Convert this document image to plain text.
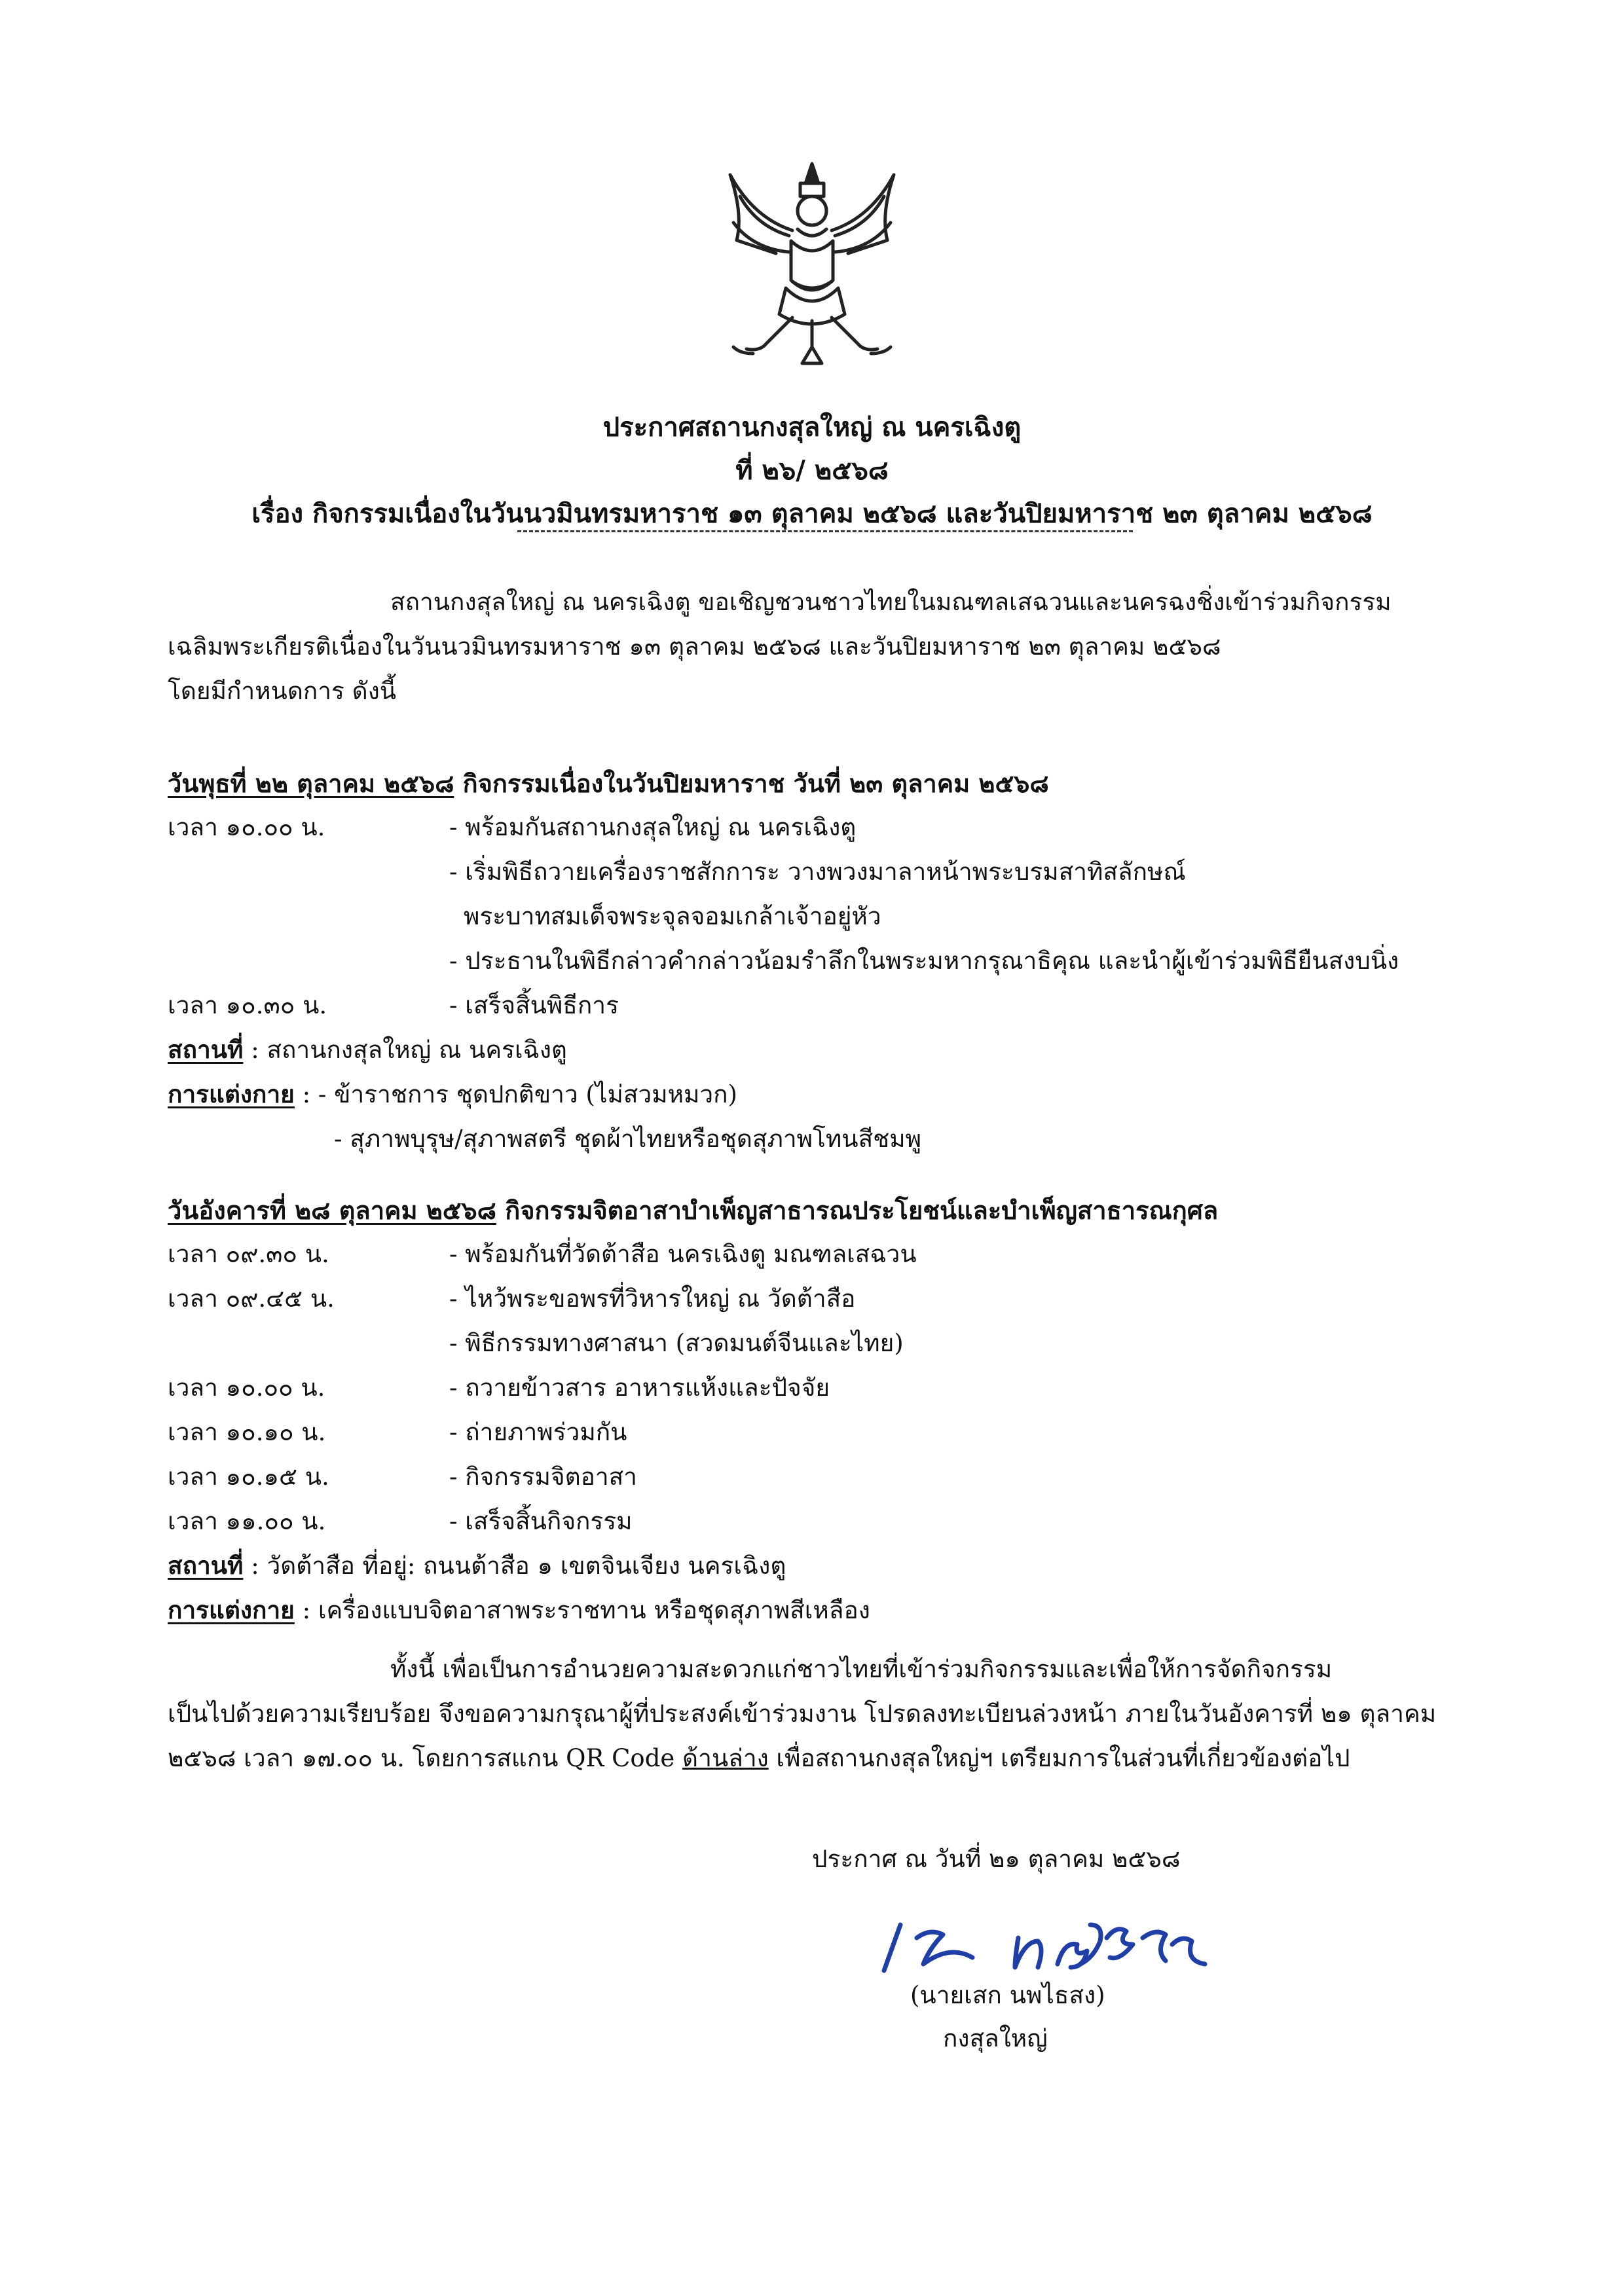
ประกาศสถานกงสุลใหญ่ ณ นครเฉิงตู
ที่ ๒๖/ ๒๕๖๘
เรื่อง กิจกรรมเนื่องในวันนวมินทรมหาราช ๑๓ ตุลาคม ๒๕๖๘ และวันปิยมหาราช ๒๓ ตุลาคม ๒๕๖๘
สถานกงสุลใหญ่ ณ นครเฉิงตู ขอเชิญชวนชาวไทยในมณฑลเสฉวนและนครฉงชิ่งเข้าร่วมกิจกรรม
เฉลิมพระเกียรติเนื่องในวันนวมินทรมหาราช ๑๓ ตุลาคม ๒๕๖๘ และวันปิยมหาราช ๒๓ ตุลาคม ๒๕๖๘
โดยมีกำหนดการ ดังนี้
วันพุธที่ ๒๒ ตุลาคม ๒๕๖๘ กิจกรรมเนื่องในวันปิยมหาราช วันที่ ๒๓ ตุลาคม ๒๕๖๘
เวลา ๑๐.๐๐ น.	- พร้อมกันสถานกงสุลใหญ่ ณ นครเฉิงตู
- เริ่มพิธีถวายเครื่องราชสักการะ วางพวงมาลาหน้าพระบรมสาทิสลักษณ์
พระบาทสมเด็จพระจุลจอมเกล้าเจ้าอยู่หัว
- ประธานในพิธีกล่าวคำกล่าวน้อมรำลึกในพระมหากรุณาธิคุณ และนำผู้เข้าร่วมพิธียืนสงบนิ่ง
เวลา ๑๐.๓๐ น.	- เสร็จสิ้นพิธีการ
สถานที่ : สถานกงสุลใหญ่ ณ นครเฉิงตู
การแต่งกาย : - ข้าราชการ ชุดปกติขาว (ไม่สวมหมวก)
- สุภาพบุรุษ/สุภาพสตรี ชุดผ้าไทยหรือชุดสุภาพโทนสีชมพู
วันอังคารที่ ๒๘ ตุลาคม ๒๕๖๘ กิจกรรมจิตอาสาบำเพ็ญสาธารณประโยชน์และบำเพ็ญสาธารณกุศล
เวลา ๐๙.๓๐ น.	- พร้อมกันที่วัดต้าสือ นครเฉิงตู มณฑลเสฉวน
เวลา ๐๙.๔๕ น.	- ไหว้พระขอพรที่วิหารใหญ่ ณ วัดต้าสือ
- พิธีกรรมทางศาสนา (สวดมนต์จีนและไทย)
เวลา ๑๐.๐๐ น.	- ถวายข้าวสาร อาหารแห้งและปัจจัย
เวลา ๑๐.๑๐ น.	- ถ่ายภาพร่วมกัน
เวลา ๑๐.๑๕ น.	- กิจกรรมจิตอาสา
เวลา ๑๑.๐๐ น.	- เสร็จสิ้นกิจกรรม
สถานที่ : วัดต้าสือ ที่อยู่: ถนนต้าสือ ๑ เขตจินเจียง นครเฉิงตู
การแต่งกาย : เครื่องแบบจิตอาสาพระราชทาน หรือชุดสุภาพสีเหลือง
ทั้งนี้ เพื่อเป็นการอำนวยความสะดวกแก่ชาวไทยที่เข้าร่วมกิจกรรมและเพื่อให้การจัดกิจกรรม
เป็นไปด้วยความเรียบร้อย จึงขอความกรุณาผู้ที่ประสงค์เข้าร่วมงาน โปรดลงทะเบียนล่วงหน้า ภายในวันอังคารที่ ๒๑ ตุลาคม
๒๕๖๘ เวลา ๑๗.๐๐ น. โดยการสแกน QR Code ด้านล่าง เพื่อสถานกงสุลใหญ่ฯ เตรียมการในส่วนที่เกี่ยวข้องต่อไป
ประกาศ ณ วันที่ ๒๑ ตุลาคม ๒๕๖๘
(นายเสก นพไธสง)
กงสุลใหญ่
